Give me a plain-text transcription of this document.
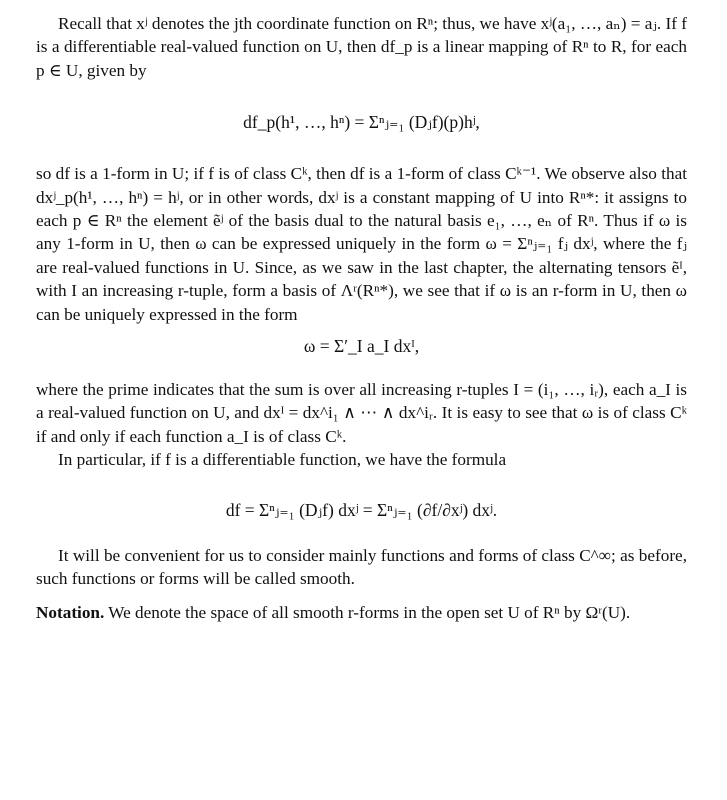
Recall that xʲ denotes the jth coordinate function on Rⁿ; thus, we have xʲ(a₁, …, aₙ) = aⱼ. If f is a differentiable real-valued function on U, then df_p is a linear mapping of Rⁿ to R, for each p ∈ U, given by

df_p(h¹, …, hⁿ) = Σⁿⱼ₌₁ (Dⱼf)(p)hʲ,

so df is a 1-form in U; if f is of class Cᵏ, then df is a 1-form of class Cᵏ⁻¹. We observe also that dxʲ_p(h¹, …, hⁿ) = hʲ, or in other words, dxʲ is a constant mapping of U into Rⁿ*: it assigns to each p ∈ Rⁿ the element ẽʲ of the basis dual to the natural basis e₁, …, eₙ of Rⁿ. Thus if ω is any 1-form in U, then ω can be expressed uniquely in the form ω = Σⁿⱼ₌₁ fⱼ dxʲ, where the fⱼ are real-valued functions in U. Since, as we saw in the last chapter, the alternating tensors ẽᴵ, with I an increasing r-tuple, form a basis of Λʳ(Rⁿ*), we see that if ω is an r-form in U, then ω can be uniquely expressed in the form

ω = Σ′_I a_I dxᴵ,

where the prime indicates that the sum is over all increasing r-tuples I = (i₁, …, iᵣ), each a_I is a real-valued function on U, and dxᴵ = dx^i₁ ∧ ⋯ ∧ dx^iᵣ. It is easy to see that ω is of class Cᵏ if and only if each function a_I is of class Cᵏ.

In particular, if f is a differentiable function, we have the formula

df = Σⁿⱼ₌₁ (Dⱼf) dxʲ = Σⁿⱼ₌₁ (∂f/∂xʲ) dxʲ.

It will be convenient for us to consider mainly functions and forms of class C^∞; as before, such functions or forms will be called smooth.

Notation. We denote the space of all smooth r-forms in the open set U of Rⁿ by Ωʳ(U).
